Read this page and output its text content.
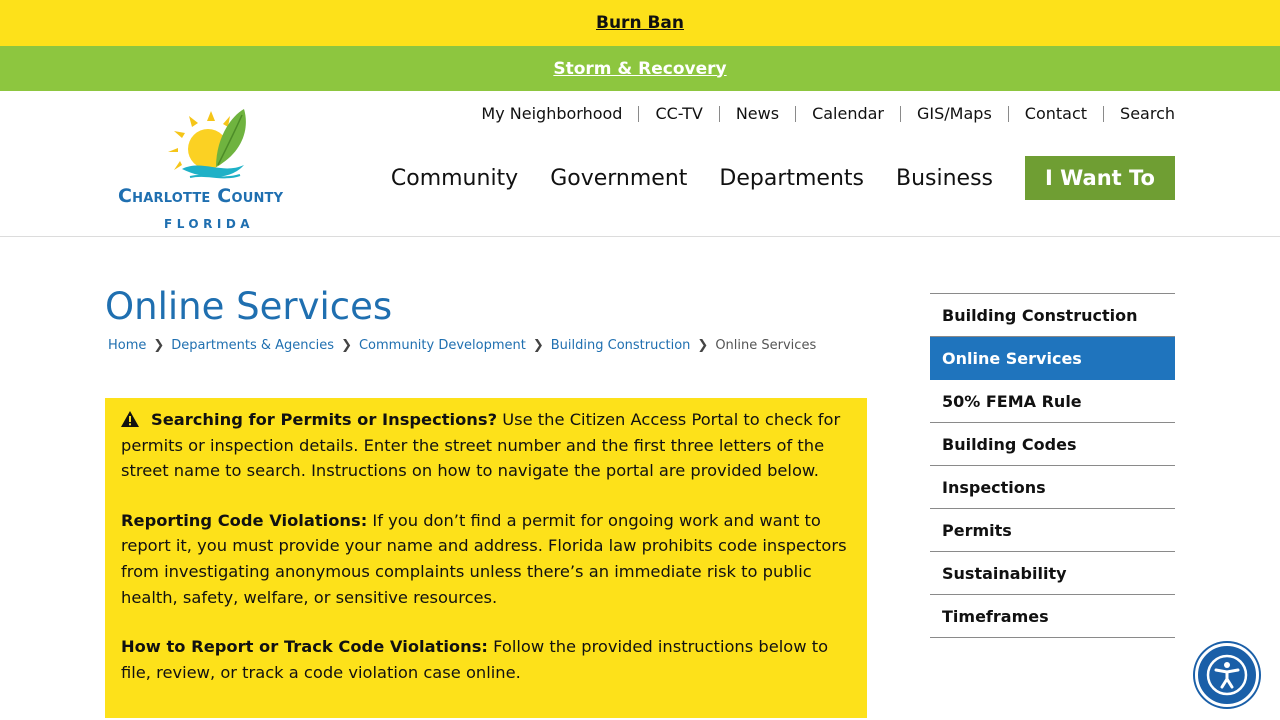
Burn Ban
Storm & Recovery
Charlotte County
FLORIDA
My Neighborhood	CC-TV	News	Calendar	GIS/Maps	Contact	Search
Community Government Departments Business	I Want To
Online Services
Home ❯ Departments & Agencies ❯ Community Development ❯ Building Construction ❯ Online Services

Searching for Permits or Inspections? Use the Citizen Access Portal to check for permits or inspection details. Enter the street number and the first three letters of the street name to search. Instructions on how to navigate the portal are provided below.

Reporting Code Violations: If you don’t find a permit for ongoing work and want to report it, you must provide your name and address. Florida law prohibits code inspectors from investigating anonymous complaints unless there’s an immediate risk to public health, safety, welfare, or sensitive resources.

How to Report or Track Code Violations: Follow the provided instructions below to file, review, or track a code violation case online.

Building Construction
Online Services
50% FEMA Rule
Building Codes
Inspections
Permits
Sustainability
Timeframes
